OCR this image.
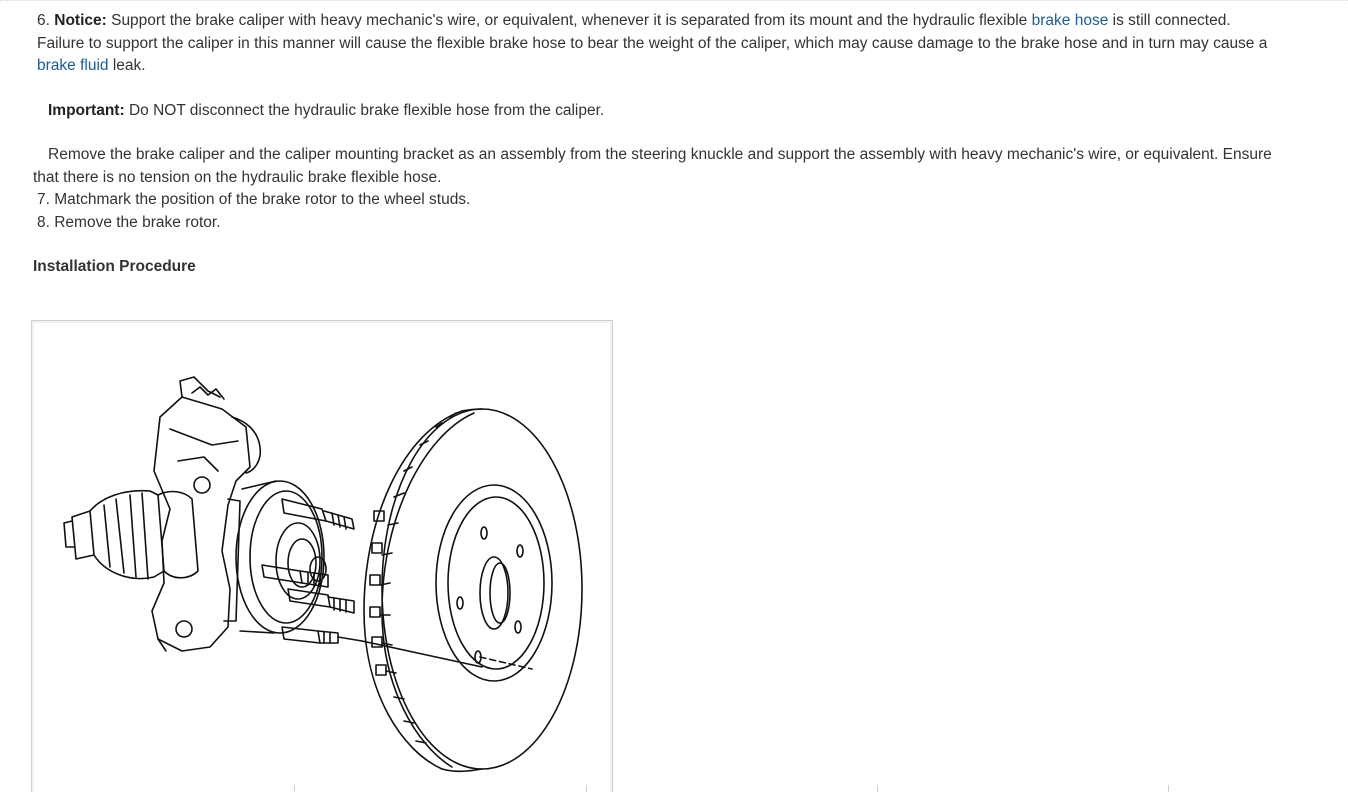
6. Notice: Support the brake caliper with heavy mechanic's wire, or equivalent, whenever it is separated from its mount and the hydraulic flexible brake hose is still connected. Failure to support the caliper in this manner will cause the flexible brake hose to bear the weight of the caliper, which may cause damage to the brake hose and in turn may cause a brake fluid leak.

Important: Do NOT disconnect the hydraulic brake flexible hose from the caliper.

Remove the brake caliper and the caliper mounting bracket as an assembly from the steering knuckle and support the assembly with heavy mechanic's wire, or equivalent. Ensure that there is no tension on the hydraulic brake flexible hose.

7. Matchmark the position of the brake rotor to the wheel studs.

8. Remove the brake rotor.

Installation Procedure
